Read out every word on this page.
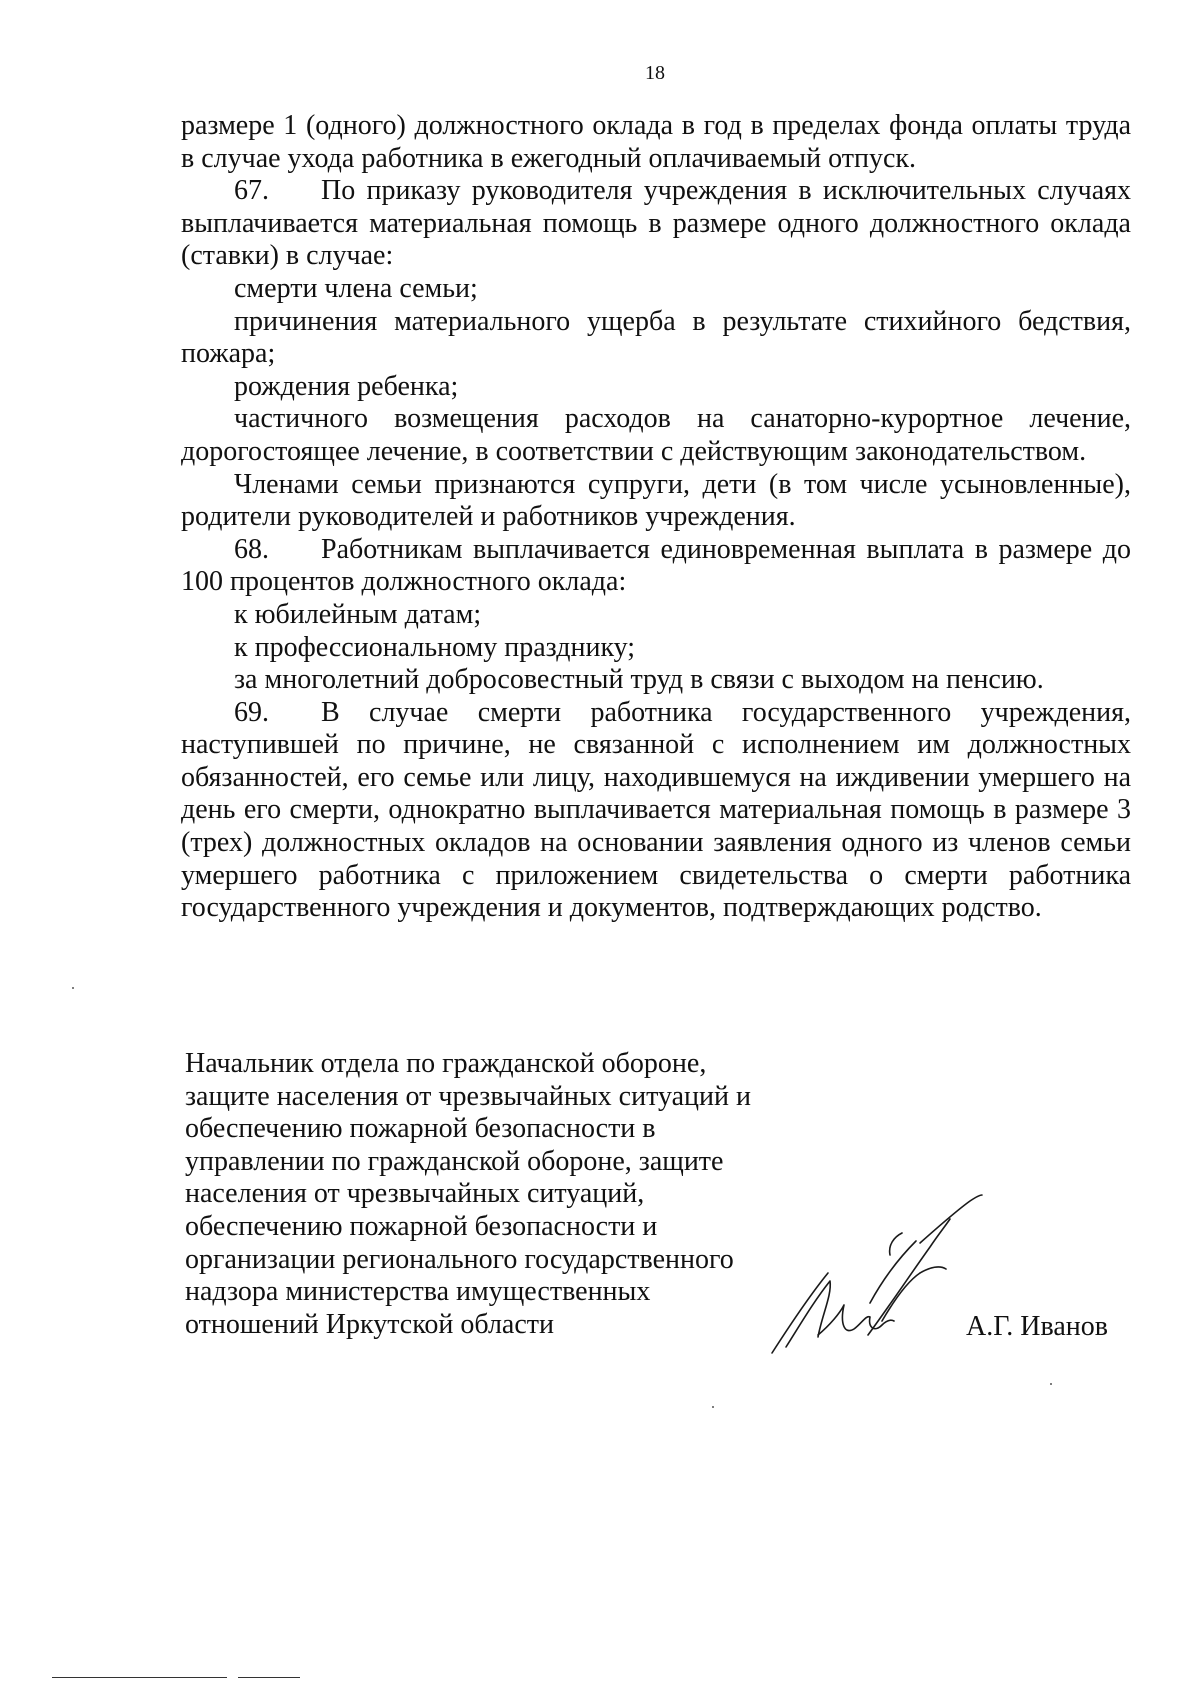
18

размере 1 (одного) должностного оклада в год в пределах фонда оплаты труда в случае ухода работника в ежегодный оплачиваемый отпуск.

67. По приказу руководителя учреждения в исключительных случаях выплачивается материальная помощь в размере одного должностного оклада (ставки) в случае:

смерти члена семьи;

причинения материального ущерба в результате стихийного бедствия, пожара;

рождения ребенка;

частичного возмещения расходов на санаторно-курортное лечение, дорогостоящее лечение, в соответствии с действующим законодательством.

Членами семьи признаются супруги, дети (в том числе усыновленные), родители руководителей и работников учреждения.

68. Работникам выплачивается единовременная выплата в размере до 100 процентов должностного оклада:

к юбилейным датам;

к профессиональному празднику;

за многолетний добросовестный труд в связи с выходом на пенсию.

69. В случае смерти работника государственного учреждения, наступившей по причине, не связанной с исполнением им должностных обязанностей, его семье или лицу, находившемуся на иждивении умершего на день его смерти, однократно выплачивается материальная помощь в размере 3 (трех) должностных окладов на основании заявления одного из членов семьи умершего работника с приложением свидетельства о смерти работника государственного учреждения и документов, подтверждающих родство.

Начальник отдела по гражданской обороне,
защите населения от чрезвычайных ситуаций и
обеспечению пожарной безопасности в
управлении по гражданской обороне, защите
населения от чрезвычайных ситуаций,
обеспечению пожарной безопасности и
организации регионального государственного
надзора министерства имущественных
отношений Иркутской области	А.Г. Иванов
